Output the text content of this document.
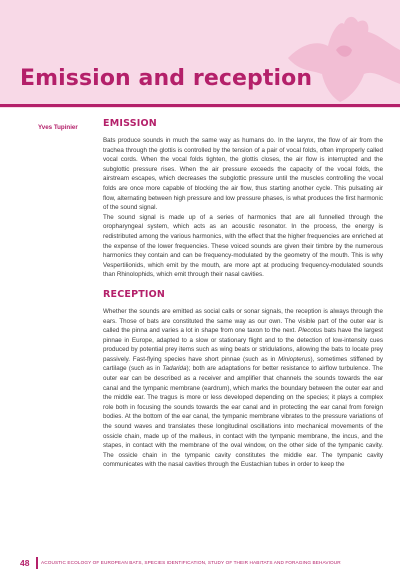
Emission and reception
Yves Tupinier	EMISSION

Bats produce sounds in much the same way as humans do. In the larynx, the flow of air from the trachea through the glottis is controlled by the tension of a pair of vocal folds, often improperly called vocal cords. When the vocal folds tighten, the glottis closes, the air flow is interrupted and the subglottic pressure rises. When the air pressure exceeds the capacity of the vocal folds, the airstream escapes, which decreases the subglottic pressure until the muscles controlling the vocal folds are once more capable of blocking the air flow, thus starting another cycle. This pulsating air flow, alternating between high pressure and low pressure phases, is what produces the first harmonic of the sound signal.

The sound signal is made up of a series of harmonics that are all funnelled through the oropharyngeal system, which acts as an acoustic resonator. In the process, the energy is redistributed among the various harmonics, with the effect that the higher frequencies are enriched at the expense of the lower frequencies. These voiced sounds are given their timbre by the numerous harmonics they contain and can be frequency-modulated by the geometry of the mouth. This is why Vespertilionids, which emit by the mouth, are more apt at producing frequency-modulated sounds than Rhinolophids, which emit through their nasal cavities.

RECEPTION

Whether the sounds are emitted as social calls or sonar signals, the reception is always through the ears. Those of bats are constituted the same way as our own. The visible part of the outer ear is called the pinna and varies a lot in shape from one taxon to the next. Plecotus bats have the largest pinnae in Europe, adapted to a slow or stationary flight and to the detection of low-intensity cues produced by potential prey items such as wing beats or stridulations, allowing the bats to locate prey passively. Fast-flying species have short pinnae (such as in Miniopterus), sometimes stiffened by cartilage (such as in Tadarida); both are adaptations for better resistance to airflow turbulence. The outer ear can be described as a receiver and amplifier that channels the sounds towards the ear canal and the tympanic membrane (eardrum), which marks the boundary between the outer ear and the middle ear. The tragus is more or less developed depending on the species; it plays a complex role both in focusing the sounds towards the ear canal and in protecting the ear canal from foreign bodies. At the bottom of the ear canal, the tympanic membrane vibrates to the pressure variations of the sound waves and translates these longitudinal oscillations into mechanical movements of the ossicle chain, made up of the malleus, in contact with the tympanic membrane, the incus, and the stapes, in contact with the membrane of the oval window, on the other side of the tympanic cavity. The ossicle chain in the tympanic cavity constitutes the middle ear. The tympanic cavity communicates with the nasal cavities through the Eustachian tubes in order to keep the

48 ACOUSTIC ECOLOGY OF EUROPEAN BATS, SPECIES IDENTIFICATION, STUDY OF THEIR HABITATS AND FORAGING BEHAVIOUR
